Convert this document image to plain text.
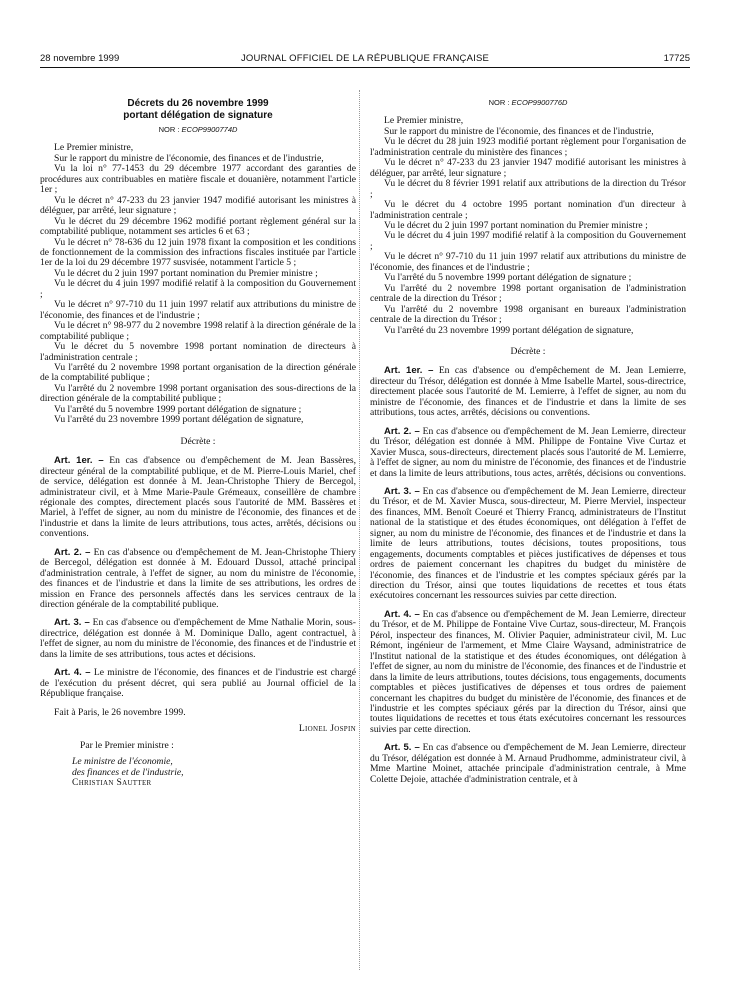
28 novembre 1999	JOURNAL OFFICIEL DE LA RÉPUBLIQUE FRANÇAISE	17725
Décrets du 26 novembre 1999
portant délégation de signature
NOR : ECOP9900774D

Le Premier ministre,

Sur le rapport du ministre de l'économie, des finances et de l'industrie,

Vu la loi n° 77-1453 du 29 décembre 1977 accordant des garanties de procédures aux contribuables en matière fiscale et douanière, notamment l'article 1er ;

Vu le décret n° 47-233 du 23 janvier 1947 modifié autorisant les ministres à déléguer, par arrêté, leur signature ;

Vu le décret du 29 décembre 1962 modifié portant règlement général sur la comptabilité publique, notamment ses articles 6 et 63 ;

Vu le décret n° 78-636 du 12 juin 1978 fixant la composition et les conditions de fonctionnement de la commission des infractions fiscales instituée par l'article 1er de la loi du 29 décembre 1977 susvisée, notamment l'article 5 ;

Vu le décret du 2 juin 1997 portant nomination du Premier ministre ;

Vu le décret du 4 juin 1997 modifié relatif à la composition du Gouvernement ;

Vu le décret n° 97-710 du 11 juin 1997 relatif aux attributions du ministre de l'économie, des finances et de l'industrie ;

Vu le décret n° 98-977 du 2 novembre 1998 relatif à la direction générale de la comptabilité publique ;

Vu le décret du 5 novembre 1998 portant nomination de directeurs à l'administration centrale ;

Vu l'arrêté du 2 novembre 1998 portant organisation de la direction générale de la comptabilité publique ;

Vu l'arrêté du 2 novembre 1998 portant organisation des sous-directions de la direction générale de la comptabilité publique ;

Vu l'arrêté du 5 novembre 1999 portant délégation de signature ;

Vu l'arrêté du 23 novembre 1999 portant délégation de signature,

Décrète :

Art. 1er. – En cas d'absence ou d'empêchement de M. Jean Bassères, directeur général de la comptabilité publique, et de M. Pierre-Louis Mariel, chef de service, délégation est donnée à M. Jean-Christophe Thiery de Bercegol, administrateur civil, et à Mme Marie-Paule Grémeaux, conseillère de chambre régionale des comptes, directement placés sous l'autorité de MM. Bassères et Mariel, à l'effet de signer, au nom du ministre de l'économie, des finances et de l'industrie et dans la limite de leurs attributions, tous actes, arrêtés, décisions ou conventions.

Art. 2. – En cas d'absence ou d'empêchement de M. Jean-Christophe Thiery de Bercegol, délégation est donnée à M. Edouard Dussol, attaché principal d'administration centrale, à l'effet de signer, au nom du ministre de l'économie, des finances et de l'industrie et dans la limite de ses attributions, les ordres de mission en France des personnels affectés dans les services centraux de la direction générale de la comptabilité publique.

Art. 3. – En cas d'absence ou d'empêchement de Mme Nathalie Morin, sous-directrice, délégation est donnée à M. Dominique Dallo, agent contractuel, à l'effet de signer, au nom du ministre de l'économie, des finances et de l'industrie et dans la limite de ses attributions, tous actes et décisions.

Art. 4. – Le ministre de l'économie, des finances et de l'industrie est chargé de l'exécution du présent décret, qui sera publié au Journal officiel de la République française.

Fait à Paris, le 26 novembre 1999.

Lionel Jospin
Par le Premier ministre :
Le ministre de l'économie,
des finances et de l'industrie,
Christian Sautter
NOR : ECOP9900776D

Le Premier ministre,

Sur le rapport du ministre de l'économie, des finances et de l'industrie,

Vu le décret du 28 juin 1923 modifié portant règlement pour l'organisation de l'administration centrale du ministère des finances ;

Vu le décret n° 47-233 du 23 janvier 1947 modifié autorisant les ministres à déléguer, par arrêté, leur signature ;

Vu le décret du 8 février 1991 relatif aux attributions de la direction du Trésor ;

Vu le décret du 4 octobre 1995 portant nomination d'un directeur à l'administration centrale ;

Vu le décret du 2 juin 1997 portant nomination du Premier ministre ;

Vu le décret du 4 juin 1997 modifié relatif à la composition du Gouvernement ;

Vu le décret n° 97-710 du 11 juin 1997 relatif aux attributions du ministre de l'économie, des finances et de l'industrie ;

Vu l'arrêté du 5 novembre 1999 portant délégation de signature ;

Vu l'arrêté du 2 novembre 1998 portant organisation de l'administration centrale de la direction du Trésor ;

Vu l'arrêté du 2 novembre 1998 organisant en bureaux l'administration centrale de la direction du Trésor ;

Vu l'arrêté du 23 novembre 1999 portant délégation de signature,

Décrète :

Art. 1er. – En cas d'absence ou d'empêchement de M. Jean Lemierre, directeur du Trésor, délégation est donnée à Mme Isabelle Martel, sous-directrice, directement placée sous l'autorité de M. Lemierre, à l'effet de signer, au nom du ministre de l'économie, des finances et de l'industrie et dans la limite de ses attributions, tous actes, arrêtés, décisions ou conventions.

Art. 2. – En cas d'absence ou d'empêchement de M. Jean Lemierre, directeur du Trésor, délégation est donnée à MM. Philippe de Fontaine Vive Curtaz et Xavier Musca, sous-directeurs, directement placés sous l'autorité de M. Lemierre, à l'effet de signer, au nom du ministre de l'économie, des finances et de l'industrie et dans la limite de leurs attributions, tous actes, arrêtés, décisions ou conventions.

Art. 3. – En cas d'absence ou d'empêchement de M. Jean Lemierre, directeur du Trésor, et de M. Xavier Musca, sous-directeur, M. Pierre Merviel, inspecteur des finances, MM. Benoît Coeuré et Thierry Francq, administrateurs de l'Institut national de la statistique et des études économiques, ont délégation à l'effet de signer, au nom du ministre de l'économie, des finances et de l'industrie et dans la limite de leurs attributions, toutes décisions, toutes propositions, tous engagements, documents comptables et pièces justificatives de dépenses et tous ordres de paiement concernant les chapitres du budget du ministère de l'économie, des finances et de l'industrie et les comptes spéciaux gérés par la direction du Trésor, ainsi que toutes liquidations de recettes et tous états exécutoires concernant les ressources suivies par cette direction.

Art. 4. – En cas d'absence ou d'empêchement de M. Jean Lemierre, directeur du Trésor, et de M. Philippe de Fontaine Vive Curtaz, sous-directeur, M. François Pérol, inspecteur des finances, M. Olivier Paquier, administrateur civil, M. Luc Rémont, ingénieur de l'armement, et Mme Claire Waysand, administratrice de l'Institut national de la statistique et des études économiques, ont délégation à l'effet de signer, au nom du ministre de l'économie, des finances et de l'industrie et dans la limite de leurs attributions, toutes décisions, tous engagements, documents comptables et pièces justificatives de dépenses et tous ordres de paiement concernant les chapitres du budget du ministère de l'économie, des finances et de l'industrie et les comptes spéciaux gérés par la direction du Trésor, ainsi que toutes liquidations de recettes et tous états exécutoires concernant les ressources suivies par cette direction.

Art. 5. – En cas d'absence ou d'empêchement de M. Jean Lemierre, directeur du Trésor, délégation est donnée à M. Arnaud Prudhomme, administrateur civil, à Mme Martine Moinet, attachée principale d'administration centrale, à Mme Colette Dejoie, attachée d'administration centrale, et à
